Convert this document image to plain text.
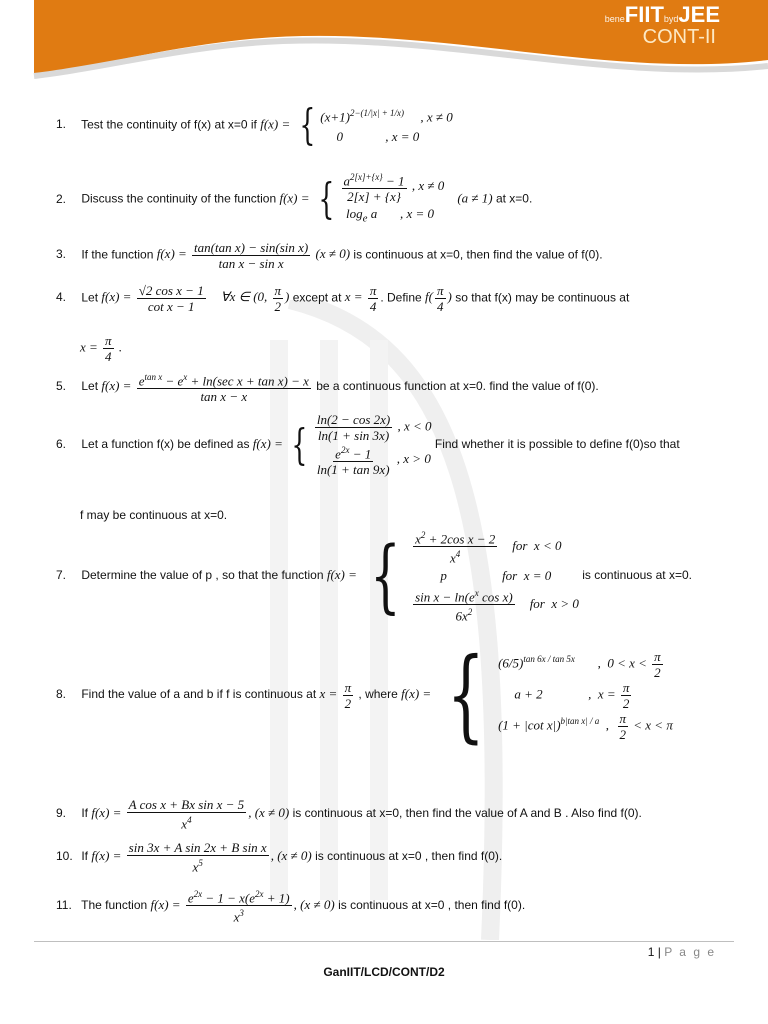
beneFIITbydJEE
CONT-II
1. Test the continuity of f(x) at x=0 if f(x) = { $(x+1)^{2-(1/|x| + 1/x)}$     , x ≠ 0
0             , x = 0
2. Discuss the continuity of the function f(x) = { $\frac{a^{2[x]+\{x\}} - 1}{2[x] + \{x\}}$ , x ≠ 0
$\log_e a$       , x = 0
(a ≠ 1) at x=0.
3. If the function $f(x) = \frac{\text{tan(tan x) − sin(sin x)}}{\text{tan x − sin x}} (x \ne 0)$ is continuous at x=0, then find the value of f(0).
4. Let $f(x) = \frac{\text{√2 cos x − 1}}{\text{cot x − 1}}$ ∀x ∈ (0, $\frac{\pi}{2}$ ) except at $x = \frac{\pi}{4}$ . Define $f( \frac{\pi}{4}$ ) so that f(x) may be continuous at
$x = \frac{\pi}{4}$ .
5. Let $f(x) = \frac{e^{tan x} - e^x + \ln(\sec x + \tan x) - x}{\text{tan x − x}}$ be a continuous function at x=0. find the value of f(0).
6. Let a function f(x) be defined as f(x) = { $\frac{\ln(2 - \cos 2x)}{\ln(1 + \sin 3x)}$ , x < 0
$\frac{e^{2x} - 1}{\ln(1 + \tan 9x)}$ , x > 0
Find whether it is possible to define f(0)so that
f may be continuous at x=0.
7. Determine the value of p , so that the function f(x) = { $\frac{x^2 + 2\cos x - 2}{x^4}$ for  x < 0
p                 for  x = 0
$\frac{\sin x - \ln(e^x \cos x)}{6x^2}$ for  x > 0
is continuous at x=0.
8. Find the value of a and b if f is continuous at $x = \frac{\pi}{2}$ , where f(x) = { $(6/5)^{tan 6x / tan 5x}$       ,  $0 < x < \frac{\pi}{2}$
a + 2              ,  $x = \frac{\pi}{2}$
(1 + |cot x|)$^{b|tan x| / a}$  , $\frac{\pi}{2} < x < \pi$
9. If $f(x) = \frac{\text{A cos x + Bx sin x − 5}}{x^4}$ , (x ≠ 0) is continuous at x=0, then find the value of A and B . Also find f(0).
10. If $f(x) = \frac{\text{sin 3x + A sin 2x + B sin x}}{x^5}$ , (x ≠ 0) is continuous at x=0 , then find f(0).
11. The function $f(x) = \frac{e^{2x} - 1 - x(e^{2x} + 1)}{x^3}$ , (x ≠ 0) is continuous at x=0 , then find f(0).
1 | P a g e
GanIIT/LCD/CONT/D2
